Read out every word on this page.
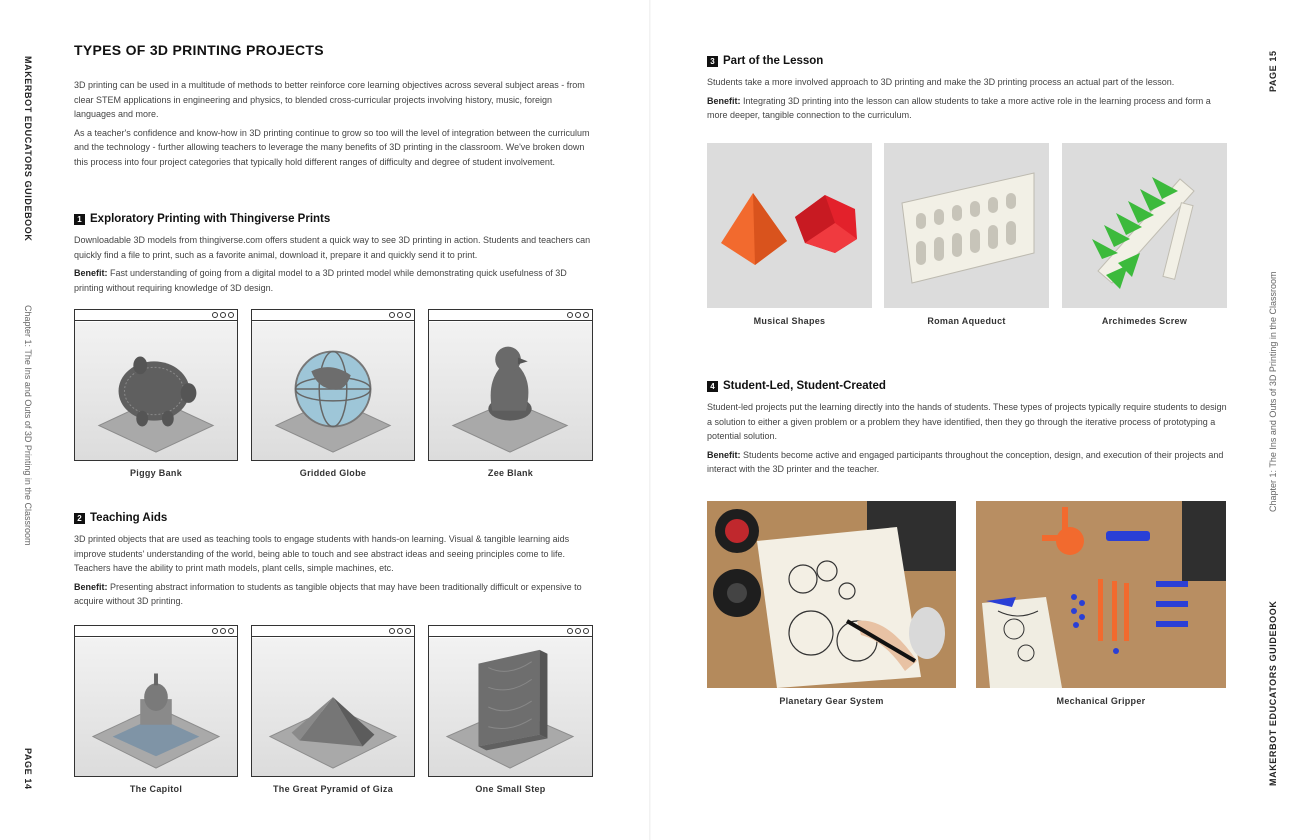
MAKERBOT EDUCATORS GUIDEBOOK
Chapter 1: The Ins and Outs of 3D Printing in the Classroom
PAGE 14
PAGE 15
Chapter 1: The Ins and Outs of 3D Printing in the Classroom
MAKERBOT EDUCATORS GUIDEBOOK
TYPES OF 3D PRINTING PROJECTS

3D printing can be used in a multitude of methods to better reinforce core learning objectives across several subject areas - from clear STEM applications in engineering and physics, to blended cross-curricular projects involving history, music, foreign languages and more.

As a teacher's confidence and know-how in 3D printing continue to grow so too will the level of integration between the curriculum and the technology - further allowing teachers to leverage the many benefits of 3D printing in the classroom. We've broken down this process into four project categories that typically hold different ranges of difficulty and degree of student involvement.

1 Exploratory Printing with Thingiverse Prints

Downloadable 3D models from thingiverse.com offers student a quick way to see 3D printing in action. Students and teachers can quickly find a file to print, such as a favorite animal, download it, prepare it and quickly send it to print.

Benefit: Fast understanding of going from a digital model to a 3D printed model while demonstrating quick usefulness of 3D printing without requiring knowledge of 3D design.

Piggy Bank	Gridded Globe	Zee Blank
2 Teaching Aids

3D printed objects that are used as teaching tools to engage students with hands-on learning. Visual & tangible learning aids improve students' understanding of the world, being able to touch and see abstract ideas and seeing principles come to life. Teachers have the ability to print math models, plant cells, simple machines, etc.

Benefit: Presenting abstract information to students as tangible objects that may have been traditionally difficult or expensive to acquire without 3D printing.

The Capitol	The Great Pyramid of Giza	One Small Step
3 Part of the Lesson

Students take a more involved approach to 3D printing and make the 3D printing process an actual part of the lesson.

Benefit: Integrating 3D printing into the lesson can allow students to take a more active role in the learning process and form a more deeper, tangible connection to the curriculum.

Musical Shapes	Roman Aqueduct	Archimedes Screw
4 Student-Led, Student-Created

Student-led projects put the learning directly into the hands of students. These types of projects typically require students to design a solution to either a given problem or a problem they have identified, then they go through the iterative process of prototyping a potential solution.

Benefit: Students become active and engaged participants throughout the conception, design, and execution of their projects and interact with the 3D printer and the teacher.

Planetary Gear System	Mechanical Gripper
